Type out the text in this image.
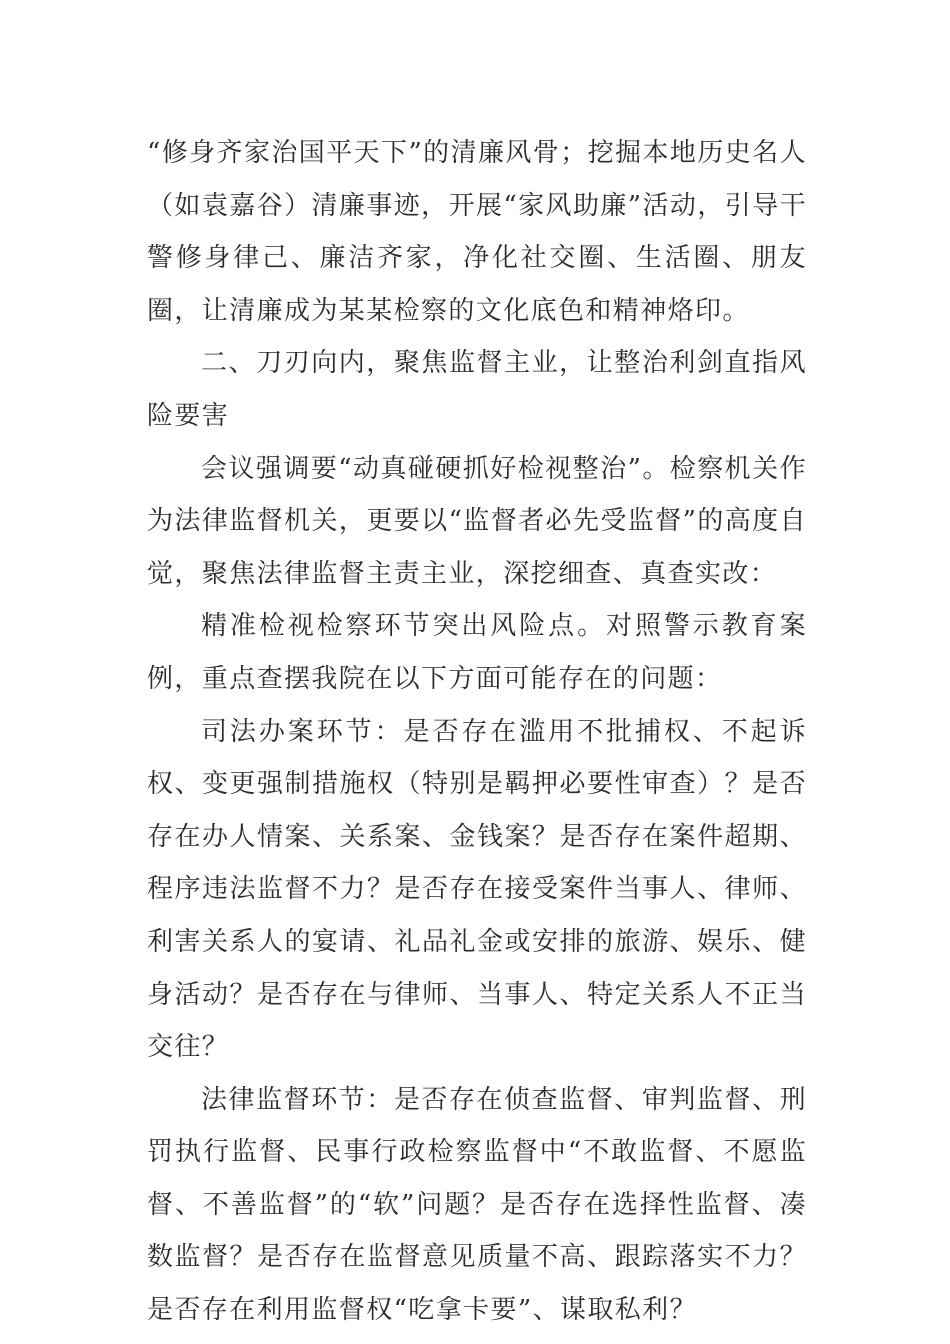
“修身齐家治国平天下”的清廉风骨；挖掘本地历史名人（如袁嘉谷）清廉事迹，开展“家风助廉”活动，引导干警修身律己、廉洁齐家，净化社交圈、生活圈、朋友圈，让清廉成为某某检察的文化底色和精神烙印。

二、刀刃向内，聚焦监督主业，让整治利剑直指风险要害

会议强调要“动真碰硬抓好检视整治”。检察机关作为法律监督机关，更要以“监督者必先受监督”的高度自觉，聚焦法律监督主责主业，深挖细查、真查实改：

精准检视检察环节突出风险点。对照警示教育案例，重点查摆我院在以下方面可能存在的问题：

司法办案环节：是否存在滥用不批捕权、不起诉权、变更强制措施权（特别是羁押必要性审查）？是否存在办人情案、关系案、金钱案？是否存在案件超期、程序违法监督不力？是否存在接受案件当事人、律师、利害关系人的宴请、礼品礼金或安排的旅游、娱乐、健身活动？是否存在与律师、当事人、特定关系人不正当交往？

法律监督环节：是否存在侦查监督、审判监督、刑罚执行监督、民事行政检察监督中“不敢监督、不愿监督、不善监督”的“软”问题？是否存在选择性监督、凑数监督？是否存在监督意见质量不高、跟踪落实不力？是否存在利用监督权“吃拿卡要”、谋取私利？
